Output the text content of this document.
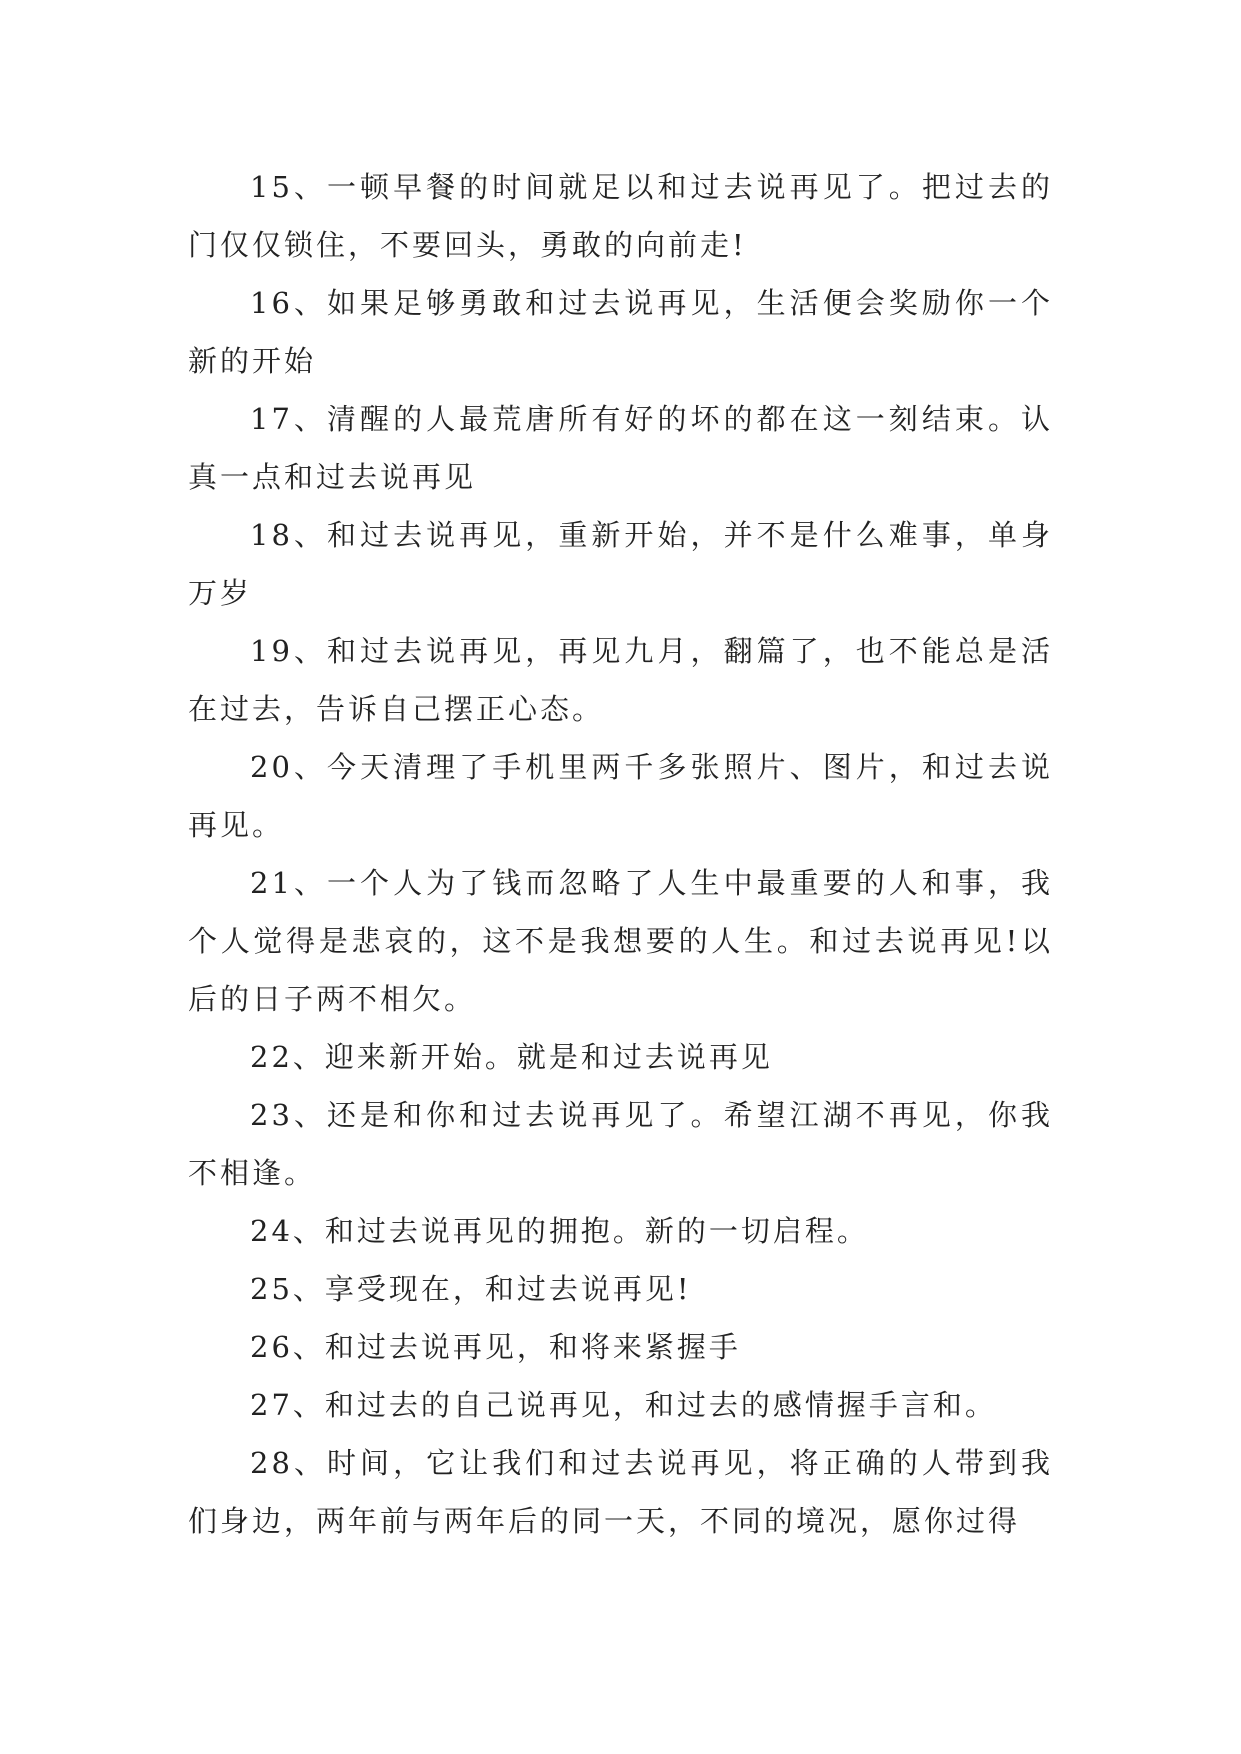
15、一顿早餐的时间就足以和过去说再见了。把过去的门仅仅锁住，不要回头，勇敢的向前走!

16、如果足够勇敢和过去说再见，生活便会奖励你一个新的开始

17、清醒的人最荒唐所有好的坏的都在这一刻结束。认真一点和过去说再见

18、和过去说再见，重新开始，并不是什么难事，单身万岁

19、和过去说再见，再见九月，翻篇了，也不能总是活在过去，告诉自己摆正心态。

20、今天清理了手机里两千多张照片、图片，和过去说再见。

21、一个人为了钱而忽略了人生中最重要的人和事，我个人觉得是悲哀的，这不是我想要的人生。和过去说再见!以后的日子两不相欠。

22、迎来新开始。就是和过去说再见

23、还是和你和过去说再见了。希望江湖不再见，你我不相逢。

24、和过去说再见的拥抱。新的一切启程。

25、享受现在，和过去说再见!

26、和过去说再见，和将来紧握手

27、和过去的自己说再见，和过去的感情握手言和。

28、时间，它让我们和过去说再见，将正确的人带到我们身边，两年前与两年后的同一天，不同的境况，愿你过得
